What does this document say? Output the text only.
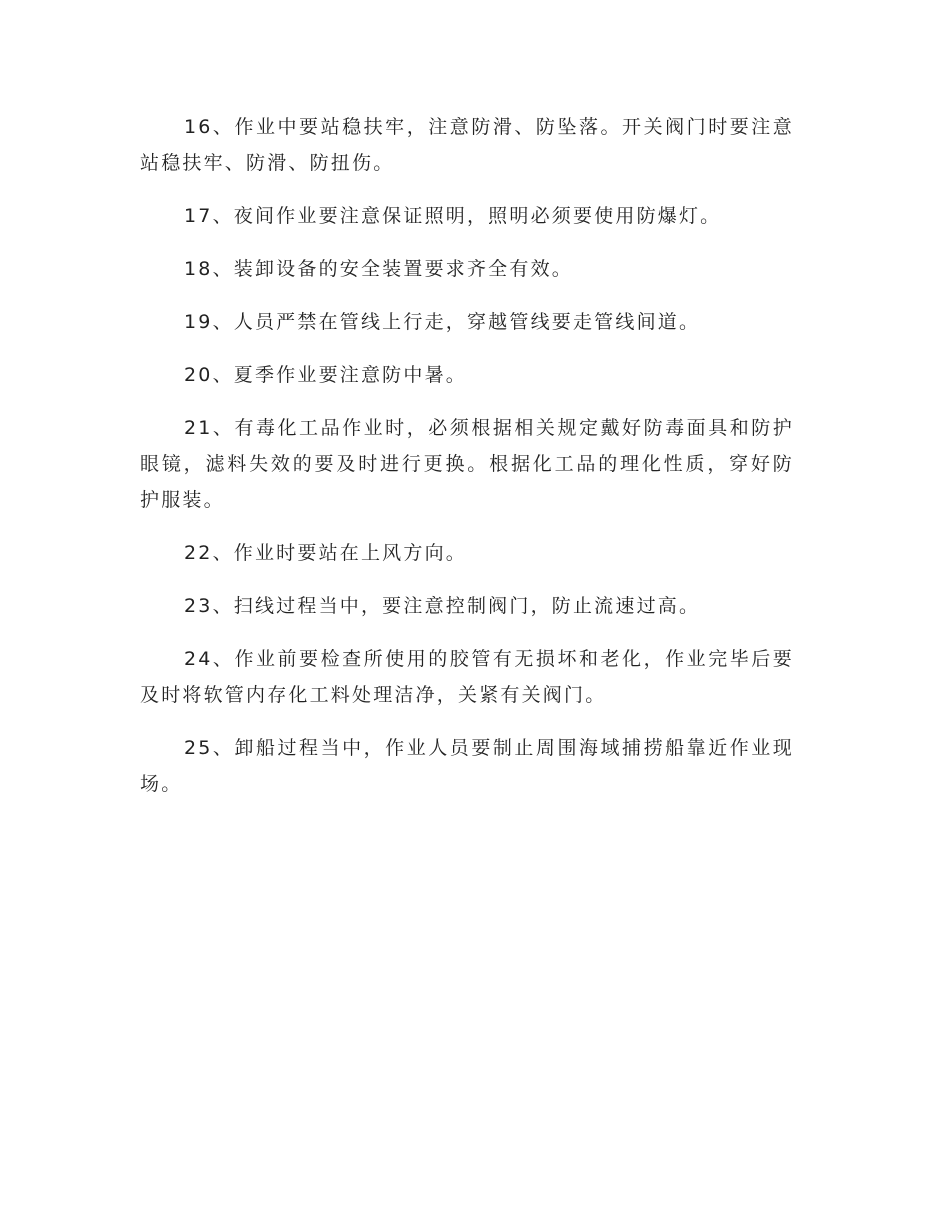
16、作业中要站稳扶牢，注意防滑、防坠落。开关阀门时要注意站稳扶牢、防滑、防扭伤。

17、夜间作业要注意保证照明，照明必须要使用防爆灯。

18、装卸设备的安全装置要求齐全有效。

19、人员严禁在管线上行走，穿越管线要走管线间道。

20、夏季作业要注意防中暑。

21、有毒化工品作业时，必须根据相关规定戴好防毒面具和防护眼镜，滤料失效的要及时进行更换。根据化工品的理化性质，穿好防护服装。

22、作业时要站在上风方向。

23、扫线过程当中，要注意控制阀门，防止流速过高。

24、作业前要检查所使用的胶管有无损坏和老化，作业完毕后要及时将软管内存化工料处理洁净，关紧有关阀门。

25、卸船过程当中，作业人员要制止周围海域捕捞船靠近作业现场。
